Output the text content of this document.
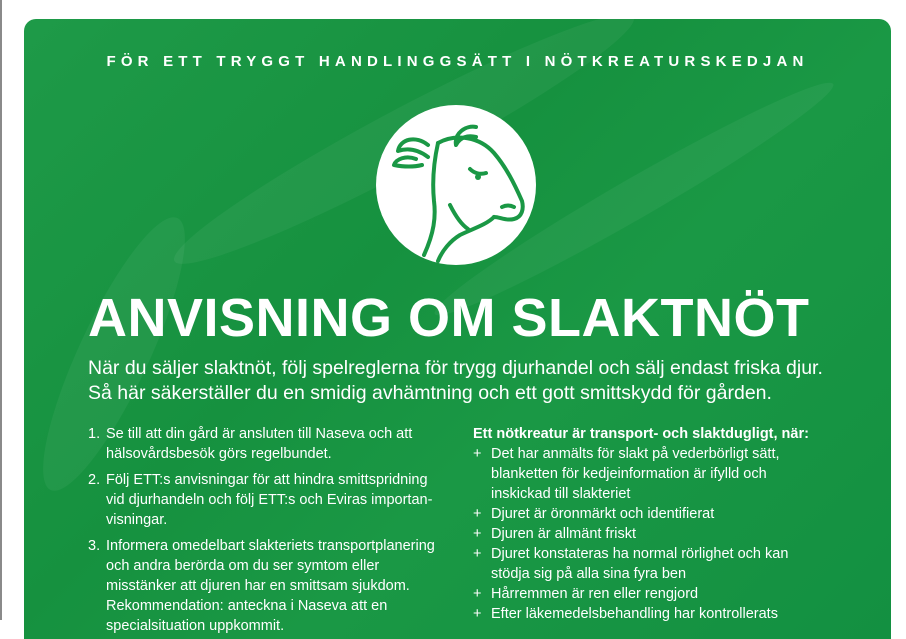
FÖR ETT TRYGGT HANDLINGGSÄTT I NÖTKREATURSKEDJAN
ANVISNING OM SLAKTNÖT
När du säljer slaktnöt, följ spelreglerna för trygg djurhandel och sälj endast friska djur. Så här säkerställer du en smidig avhämtning och ett gott smittskydd för gården.
1. Se till att din gård är ansluten till Naseva och att hälsovårdsbesök görs regelbundet.
2. Följ ETT:s anvisningar för att hindra smittspridning vid djurhandeln och följ ETT:s och Eviras importanvisningar.
3. Informera omedelbart slakteriets transportplanering och andra berörda om du ser symtom eller misstänker att djuren har en smittsam sjukdom. Rekommendation: anteckna i Naseva att en specialsituation uppkommit.
Ett nötkreatur är transport- och slaktdugligt, när:
+ Det har anmälts för slakt på vederbörligt sätt, blanketten för kedjeinformation är ifylld och inskickad till slakteriet
+ Djuret är öronmärkt och identifierat
+ Djuren är allmänt friskt
+ Djuret konstateras ha normal rörlighet och kan stödja sig på alla sina fyra ben
+ Hårremmen är ren eller rengjord
+ Efter läkemedelsbehandling har kontrollerats
